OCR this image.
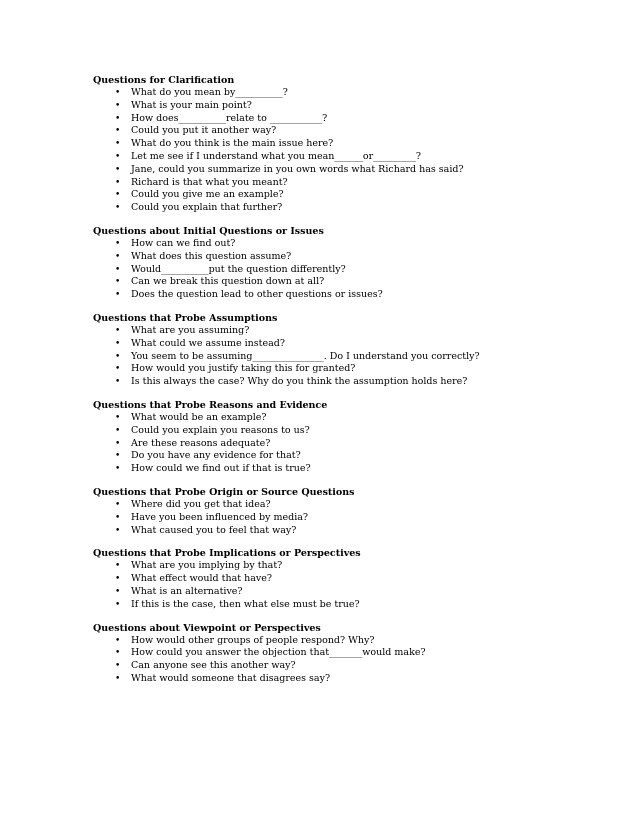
Questions for Clarification

• What do you mean by__________?
• What is your main point?
• How does__________relate to ___________?
• Could you put it another way?
• What do you think is the main issue here?
• Let me see if I understand what you mean______or_________?
• Jane, could you summarize in you own words what Richard has said?
• Richard is that what you meant?
• Could you give me an example?
• Could you explain that further?

Questions about Initial Questions or Issues

• How can we find out?
• What does this question assume?
• Would__________put the question differently?
• Can we break this question down at all?
• Does the question lead to other questions or issues?

Questions that Probe Assumptions

• What are you assuming?
• What could we assume instead?
• You seem to be assuming_______________. Do I understand you correctly?
• How would you justify taking this for granted?
• Is this always the case? Why do you think the assumption holds here?

Questions that Probe Reasons and Evidence

• What would be an example?
• Could you explain you reasons to us?
• Are these reasons adequate?
• Do you have any evidence for that?
• How could we find out if that is true?

Questions that Probe Origin or Source Questions

• Where did you get that idea?
• Have you been influenced by media?
• What caused you to feel that way?

Questions that Probe Implications or Perspectives

• What are you implying by that?
• What effect would that have?
• What is an alternative?
• If this is the case, then what else must be true?

Questions about Viewpoint or Perspectives

• How would other groups of people respond? Why?
• How could you answer the objection that_______would make?
• Can anyone see this another way?
• What would someone that disagrees say?
